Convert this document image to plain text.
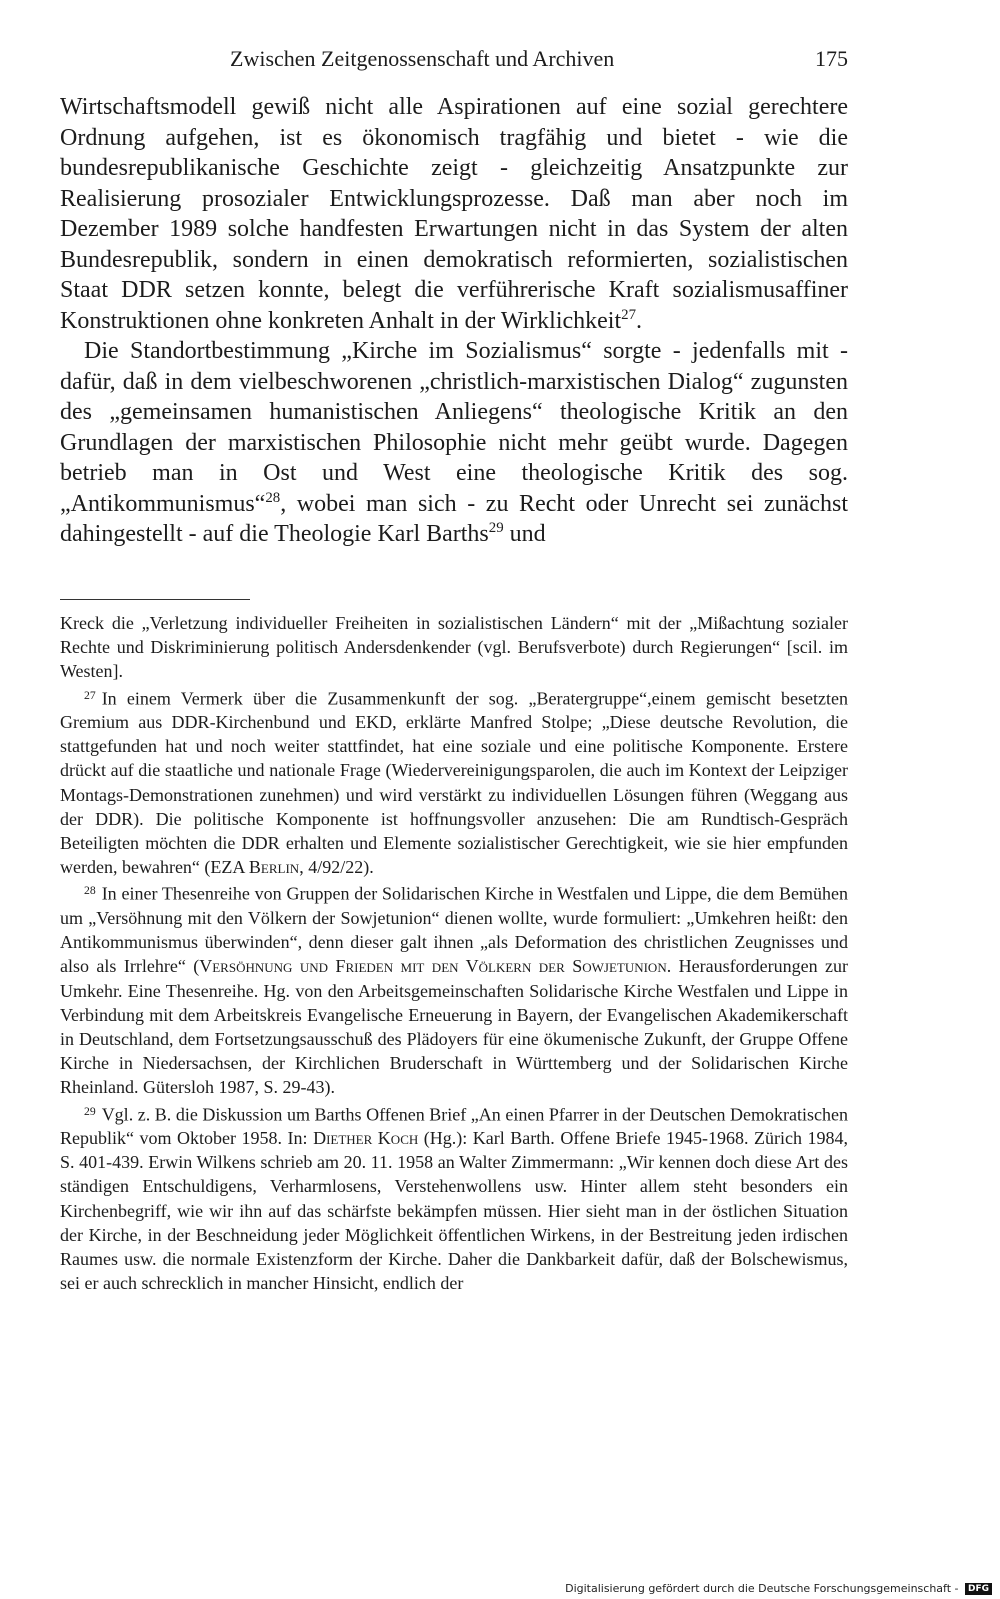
Zwischen Zeitgenossenschaft und Archiven	175

Wirtschaftsmodell gewiß nicht alle Aspirationen auf eine sozial gerechtere Ordnung aufgehen, ist es ökonomisch tragfähig und bietet - wie die bundesrepublikanische Geschichte zeigt - gleichzeitig Ansatzpunkte zur Realisierung prosozialer Entwicklungsprozesse. Daß man aber noch im Dezember 1989 solche handfesten Erwartungen nicht in das System der alten Bundesrepublik, sondern in einen demokratisch reformierten, sozialistischen Staat DDR setzen konnte, belegt die verführerische Kraft sozialismusaffiner Konstruktionen ohne konkreten Anhalt in der Wirklichkeit$^{27}$.

Die Standortbestimmung „Kirche im Sozialismus“ sorgte - jedenfalls mit - dafür, daß in dem vielbeschworenen „christlich-marxistischen Dialog“ zugunsten des „gemeinsamen humanistischen Anliegens“ theologische Kritik an den Grundlagen der marxistischen Philosophie nicht mehr geübt wurde. Dagegen betrieb man in Ost und West eine theologische Kritik des sog. „Antikommunismus“$^{28}$, wobei man sich - zu Recht oder Unrecht sei zunächst dahingestellt - auf die Theologie Karl Barths$^{29}$ und

Kreck die „Verletzung individueller Freiheiten in sozialistischen Ländern“ mit der „Mißachtung sozialer Rechte und Diskriminierung politisch Andersdenkender (vgl. Berufsverbote) durch Regierungen“ [scil. im Westen].

$^{27}$ In einem Vermerk über die Zusammenkunft der sog. „Beratergruppe“,einem gemischt besetzten Gremium aus DDR-Kirchenbund und EKD, erklärte Manfred Stolpe; „Diese deutsche Revolution, die stattgefunden hat und noch weiter stattfindet, hat eine soziale und eine politische Komponente. Erstere drückt auf die staatliche und nationale Frage (Wiedervereinigungsparolen, die auch im Kontext der Leipziger Montags-Demonstrationen zunehmen) und wird verstärkt zu individuellen Lösungen führen (Weggang aus der DDR). Die politische Komponente ist hoffnungsvoller anzusehen: Die am Rundtisch-Gespräch Beteiligten möchten die DDR erhalten und Elemente sozialistischer Gerechtigkeit, wie sie hier empfunden werden, bewahren“ (EZA Berlin, 4/92/22).

$^{28}$ In einer Thesenreihe von Gruppen der Solidarischen Kirche in Westfalen und Lippe, die dem Bemühen um „Versöhnung mit den Völkern der Sowjetunion“ dienen wollte, wurde formuliert: „Umkehren heißt: den Antikommunismus überwinden“, denn dieser galt ihnen „als Deformation des christlichen Zeugnisses und also als Irrlehre“ (Versöhnung und Frieden mit den Völkern der Sowjetunion. Herausforderungen zur Umkehr. Eine Thesenreihe. Hg. von den Arbeitsgemeinschaften Solidarische Kirche Westfalen und Lippe in Verbindung mit dem Arbeitskreis Evangelische Erneuerung in Bayern, der Evangelischen Akademikerschaft in Deutschland, dem Fortsetzungsausschuß des Plädoyers für eine ökumenische Zukunft, der Gruppe Offene Kirche in Niedersachsen, der Kirchlichen Bruderschaft in Württemberg und der Solidarischen Kirche Rheinland. Gütersloh 1987, S. 29-43).

$^{29}$ Vgl. z. B. die Diskussion um Barths Offenen Brief „An einen Pfarrer in der Deutschen Demokratischen Republik“ vom Oktober 1958. In: Diether Koch (Hg.): Karl Barth. Offene Briefe 1945-1968. Zürich 1984, S. 401-439. Erwin Wilkens schrieb am 20. 11. 1958 an Walter Zimmermann: „Wir kennen doch diese Art des ständigen Entschuldigens, Verharmlosens, Verstehenwollens usw. Hinter allem steht besonders ein Kirchenbegriff, wie wir ihn auf das schärfste bekämpfen müssen. Hier sieht man in der östlichen Situation der Kirche, in der Beschneidung jeder Möglichkeit öffentlichen Wirkens, in der Bestreitung jeden irdischen Raumes usw. die normale Existenzform der Kirche. Daher die Dankbarkeit dafür, daß der Bolschewismus, sei er auch schrecklich in mancher Hinsicht, endlich der

Digitalisierung gefördert durch die Deutsche Forschungsgemeinschaft - DFG
